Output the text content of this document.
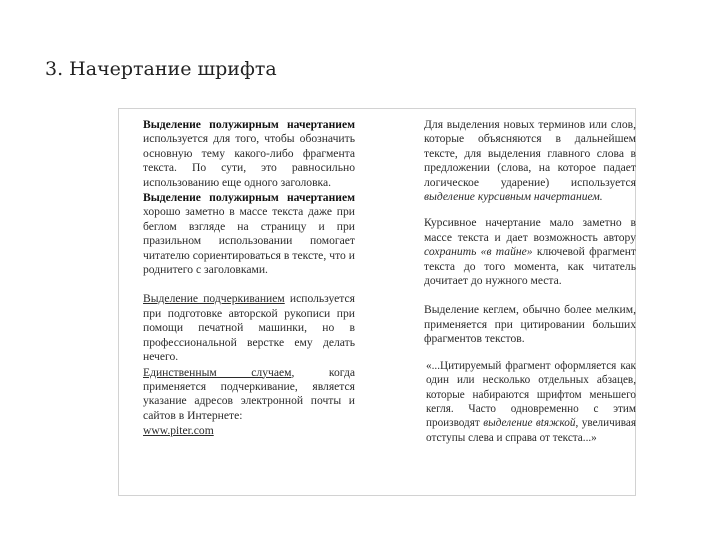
3. Начертание шрифта

Выделение полужирным начертанием используется для того, чтобы обозначить основную тему какого-либо фрагмента текста. По сути, это равносильно использованию еще одного заголовка.

Выделение полужирным начертанием хорошо заметно в массе текста даже при беглом взгляде на страницу и при празильном использовании помогает читателю сориентироваться в тексте, что и роднитего с заголовками.

Выделение подчеркиванием используется при подготовке авторской рукописи при помощи печатной машинки, но в профессиональной верстке ему делать нечего.

Единственным случаем, когда применяется подчеркивание, является указание адресов электронной почты и сайтов в Интернете:

www.piter.com

Для выделения новых терминов или слов, которые объясняются в дальнейшем тексте, для выделения главного слова в предложении (слова, на которое падает логическое ударение) используется выделение курсивным начертанием.

Курсивное начертание мало заметно в массе текста и дает возможность автору сохранить «в тайне» ключевой фрагмент текста до того момента, как читатель дочитает до нужного места.

Выделение кеглем, обычно более мелким, применяется при цитировании больших фрагментов текстов.

«...Цитируемый фрагмент оформляется как один или несколько отдельных абзацев, которые набираются шрифтом меньшего кегля. Часто одновременно с этим производят выделение вtяжкой, увеличивая отступы слева и справа от текста...»
